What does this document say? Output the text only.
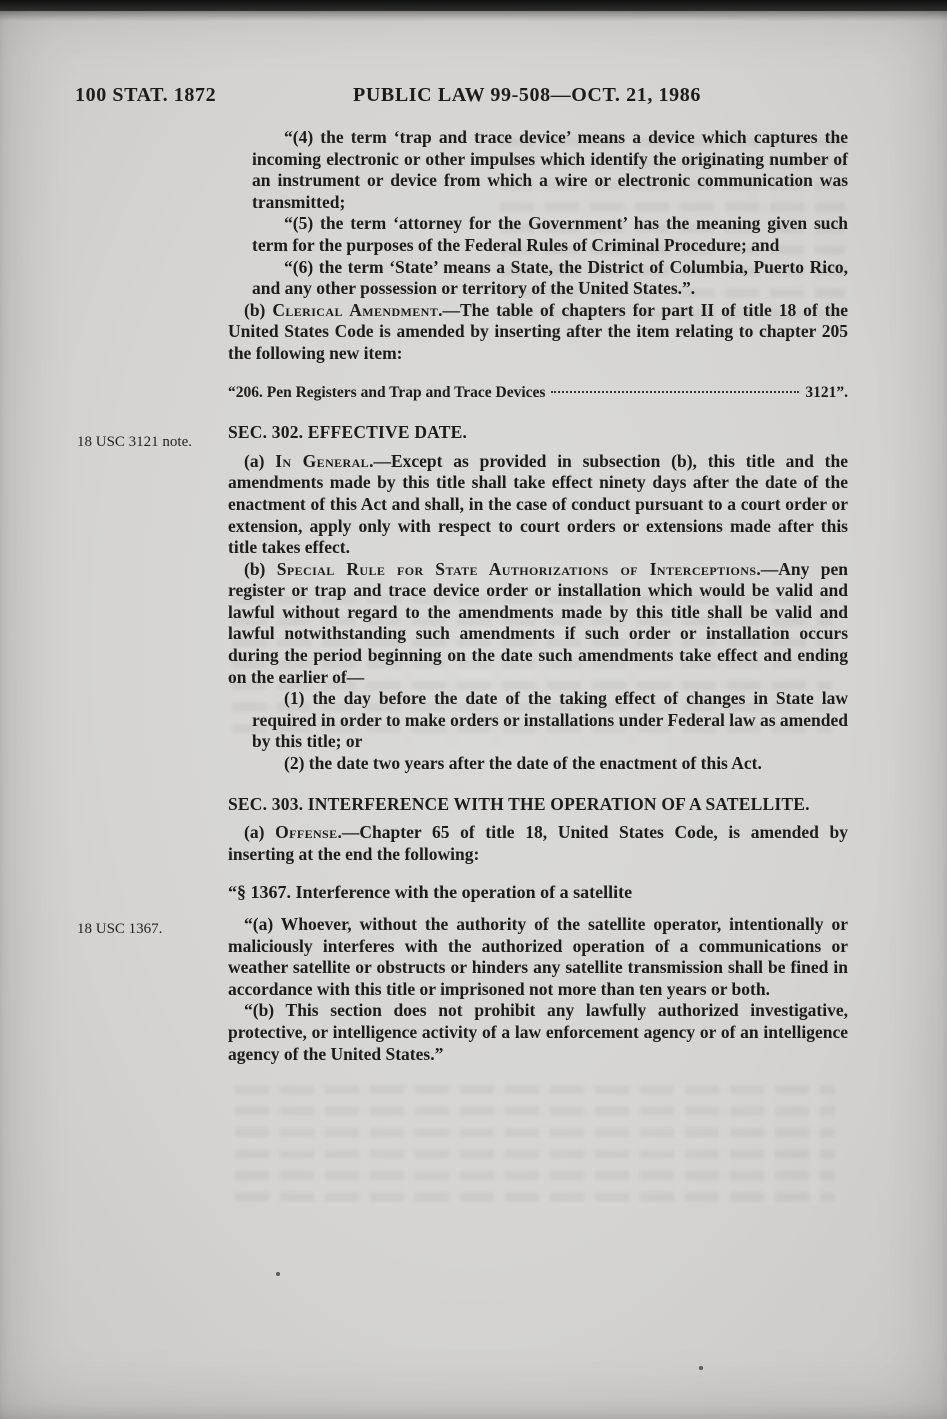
100 STAT. 1872	PUBLIC LAW 99-508—OCT. 21, 1986
18 USC 3121 note.
18 USC 1367.

“(4) the term ‘trap and trace device’ means a device which captures the incoming electronic or other impulses which identify the originating number of an instrument or device from which a wire or electronic communication was transmitted;

“(5) the term ‘attorney for the Government’ has the meaning given such term for the purposes of the Federal Rules of Criminal Procedure; and

“(6) the term ‘State’ means a State, the District of Columbia, Puerto Rico, and any other possession or territory of the United States.”.

(b) Clerical Amendment.—The table of chapters for part II of title 18 of the United States Code is amended by inserting after the item relating to chapter 205 the following new item:

“206. Pen Registers and Trap and Trace Devices	3121”.

SEC. 302. EFFECTIVE DATE.

(a) In General.—Except as provided in subsection (b), this title and the amendments made by this title shall take effect ninety days after the date of the enactment of this Act and shall, in the case of conduct pursuant to a court order or extension, apply only with respect to court orders or extensions made after this title takes effect.

(b) Special Rule for State Authorizations of Interceptions.—Any pen register or trap and trace device order or installation which would be valid and lawful without regard to the amendments made by this title shall be valid and lawful notwithstanding such amendments if such order or installation occurs during the period beginning on the date such amendments take effect and ending on the earlier of—

(1) the day before the date of the taking effect of changes in State law required in order to make orders or installations under Federal law as amended by this title; or

(2) the date two years after the date of the enactment of this Act.

SEC. 303. INTERFERENCE WITH THE OPERATION OF A SATELLITE.

(a) Offense.—Chapter 65 of title 18, United States Code, is amended by inserting at the end the following:

“§ 1367. Interference with the operation of a satellite

“(a) Whoever, without the authority of the satellite operator, intentionally or maliciously interferes with the authorized operation of a communications or weather satellite or obstructs or hinders any satellite transmission shall be fined in accordance with this title or imprisoned not more than ten years or both.

“(b) This section does not prohibit any lawfully authorized investigative, protective, or intelligence activity of a law enforcement agency or of an intelligence agency of the United States.”
